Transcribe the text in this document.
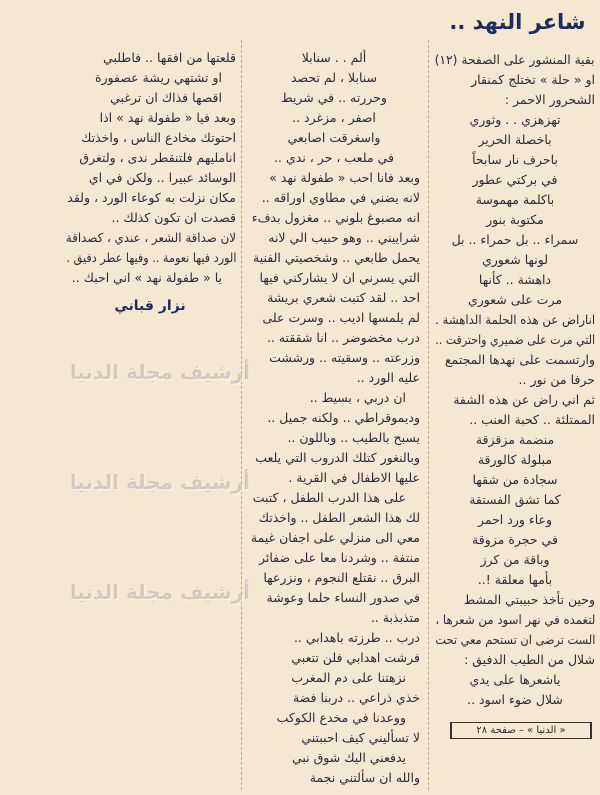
شاعر النهد ..
بقية المنشور على الصفحة (١٢)
او « حلة » تختلج كمنقار
الشحرور الاحمر :
تهزهزي . . وثوري
باخصلة الحرير
باحرف نار سابحاً
في بركتي عطور
باكلمة مهموسة
مكتوبة بنور
سمراء .. بل حمراء .. بل
لونها شعوري
داهشة .. كأنها
مرت على شعوري
اناراض عن هذه الحلمة الداهشة .
التي مرت على ضميري واحترقت ..
وارتسمت على نهدها المجتمع
حرفا من نور ..
ثم اني راض عن هذه الشفة
الممتلئة .. كحبة العنب ..
منضمة مزقزقة
مبلولة كالورقة
سجادة من شقها
كما تشق الفستقة
وعاء ورد احمر
في حجرة مزوقة
وباقة من كرز
بأمها معلقة !..
وحين تأخذ حبيبتي المشط
لتغمده في نهر اسود من شعرها ،
الست ترضى ان تستحم معي تحت
شلال من الطيب الدفيق :
ياشعرها على يدي
شلال ضوء اسود ..
ألم . . سنابلا
سنابلا ، لم تحصد
وحررته .. في شريط
اصفر ، مزغرد ..
واسغرقت اصابعي
في ملعب ، حر ، ندي ..
وبعد فانا احب « طفولة نهد »
لانه يضني في مطاوي اوراقه ..
انه مصبوغ بلوني .. مغزول بدفء
شراييني .. وهو حبيب الي لانه
يحمل طابعي .. وشخصيتي الفنية
التي يسرني ان لا يشاركني فيها
احد .. لقد كتبت شعري بريشة
لم يلمسها اديب .. وسرت على
درب مخضوضر .. انا شققته ..
وزرعته .. وسقيته .. ورششت
عليه الورد ..
ان دربي ، بسيط ..
وديموقراطي .. ولكنه جميل ..
يسبح بالطيب .. وباللون ..
وبالنغور كتلك الدروب التي يلعب
عليها الاطفال في القرية .
على هذا الدرب الطفل ، كتبت
لك هذا الشعر الطفل .. واخذتك
معي الى منزلي على اجفان غيمة
منتفة .. وشردنا معا على ضفائر
البرق .. نقتلع النجوم ، ونزرعها
في صدور النساء حلما وعوشة
متذبذبة ..
درب .. طرزته باهدابي ..
فرشت اهدابي فلن تتعبي
نزهتنا على دم المغرب
خذي ذراعي .. دربنا فضة
ووعدنا في مخدع الكوكب
لا تسأليني كيف احببتني
يدفعني اليك شوق نبي
والله ان سألتني نجمة
قلعتها من افقها .. فاطلبي
او تشتهي ريشة عصفورة
اقصها فذاك ان ترغبي
وبعد فيا « طفولة نهد » اذا
احتوتك مخادع الناس ، واخذتك
انامليهم فلتنقطر ندى ، ولتغرق
الوسائد عبيرا .. ولكن في اي
مكان نزلت به كوعاء الورد ، ولقد
قصدت ان تكون كذلك ..
لان صداقة الشعر ، عندي ، كصداقة
الورد فيها نعومة .. وفيها عطر دفيق .
يا « طفولة نهد » اني احبك ..
نزار قباني
« الدنيا » – صفحة ٢٨
أرشيف مجلة الدنيا
أرشيف مجلة الدنيا
أرشيف مجلة الدنيا
